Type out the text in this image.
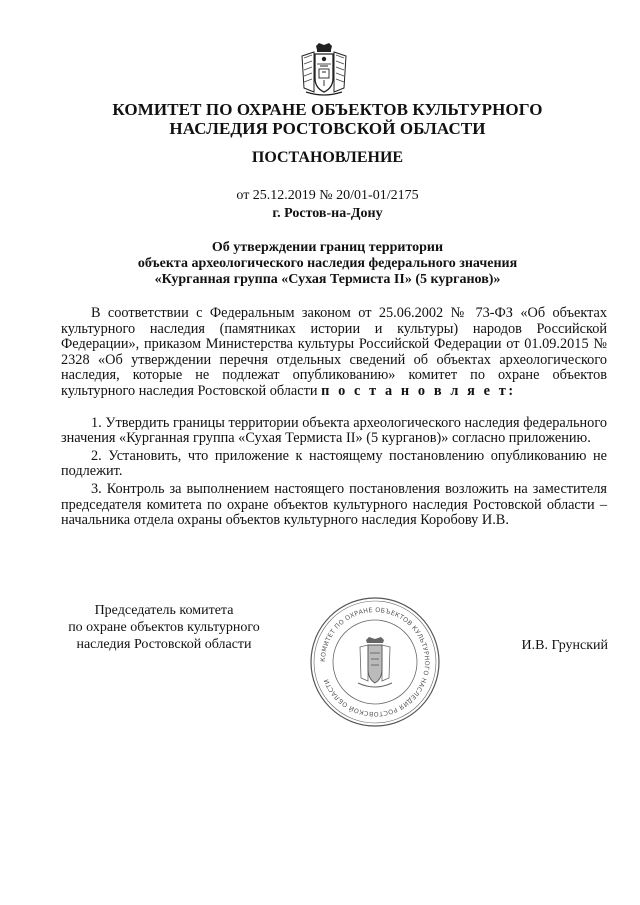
КОМИТЕТ ПО ОХРАНЕ ОБЪЕКТОВ КУЛЬТУРНОГО
НАСЛЕДИЯ РОСТОВСКОЙ ОБЛАСТИ
ПОСТАНОВЛЕНИЕ
от 25.12.2019 № 20/01-01/2175
г. Ростов-на-Дону
Об утверждении границ территории
объекта археологического наследия федерального значения
«Курганная группа «Сухая Термиста II» (5 курганов)»

В соответствии с Федеральным законом от 25.06.2002 № 73-ФЗ «Об объектах культурного наследия (памятниках истории и культуры) народов Российской Федерации», приказом Министерства культуры Российской Федерации от 01.09.2015 № 2328 «Об утверждении перечня отдельных сведений об объектах археологического наследия, которые не подлежат опубликованию» комитет по охранe объектов культурного наследия Ростовской области п о с т а н о в л я е т:

1. Утвердить границы территории объекта археологического наследия федерального значения «Курганная группа «Сухая Термиста II» (5 курганов)» согласно приложению.

2. Установить, что приложение к настоящему постановлению опубликованию не подлежит.

3. Контроль за выполнением настоящего постановления возложить на заместителя председателя комитета по охране объектов культурного наследия Ростовской области – начальника отдела охраны объектов культурного наследия Коробову И.В.

Председатель комитета
по охранe объектов культурного
наследия Ростовской области
КОМИТЕТ ПО ОХРАНЕ ОБЪЕКТОВ КУЛЬТУРНОГО НАСЛЕДИЯ РОСТОВСКОЙ ОБЛАСТИ
И.В. Грунский
